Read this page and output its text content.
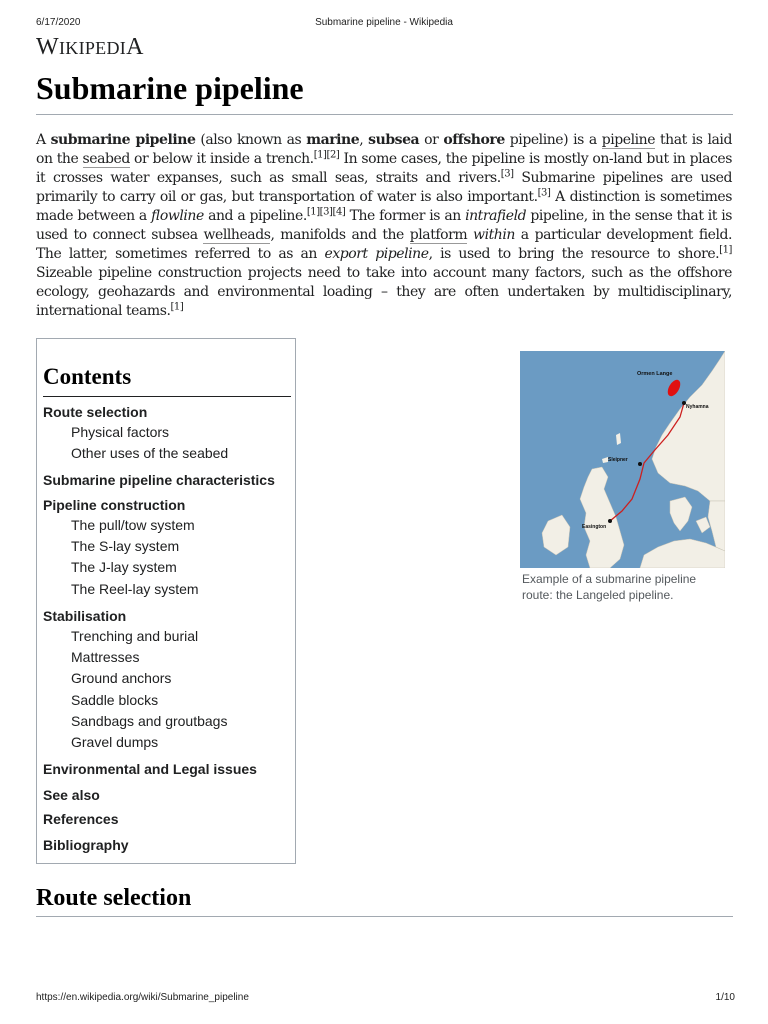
6/17/2020	Submarine pipeline - Wikipedia
WIKIPEDIA
Submarine pipeline

A submarine pipeline (also known as marine, subsea or offshore pipeline) is a pipeline that is laid on the seabed or below it inside a trench.[1][2] In some cases, the pipeline is mostly on-land but in places it crosses water expanses, such as small seas, straits and rivers.[3] Submarine pipelines are used primarily to carry oil or gas, but transportation of water is also important.[3] A distinction is sometimes made between a flowline and a pipeline.[1][3][4] The former is an intrafield pipeline, in the sense that it is used to connect subsea wellheads, manifolds and the platform within a particular development field. The latter, sometimes referred to as an export pipeline, is used to bring the resource to shore.[1] Sizeable pipeline construction projects need to take into account many factors, such as the offshore ecology, geohazards and environmental loading – they are often undertaken by multidisciplinary, international teams.[1]

Contents
Route selection
Physical factors
Other uses of the seabed
Submarine pipeline characteristics
Pipeline construction
The pull/tow system
The S-lay system
The J-lay system
The Reel-lay system
Stabilisation
Trenching and burial
Mattresses
Ground anchors
Saddle blocks
Sandbags and groutbags
Gravel dumps
Environmental and Legal issues
See also
References
Bibliography
Ormen Lange
Nyhamna
Sleipner
Easington

Example of a submarine pipeline route: the Langeled pipeline.

Route selection
https://en.wikipedia.org/wiki/Submarine_pipeline	1/10
